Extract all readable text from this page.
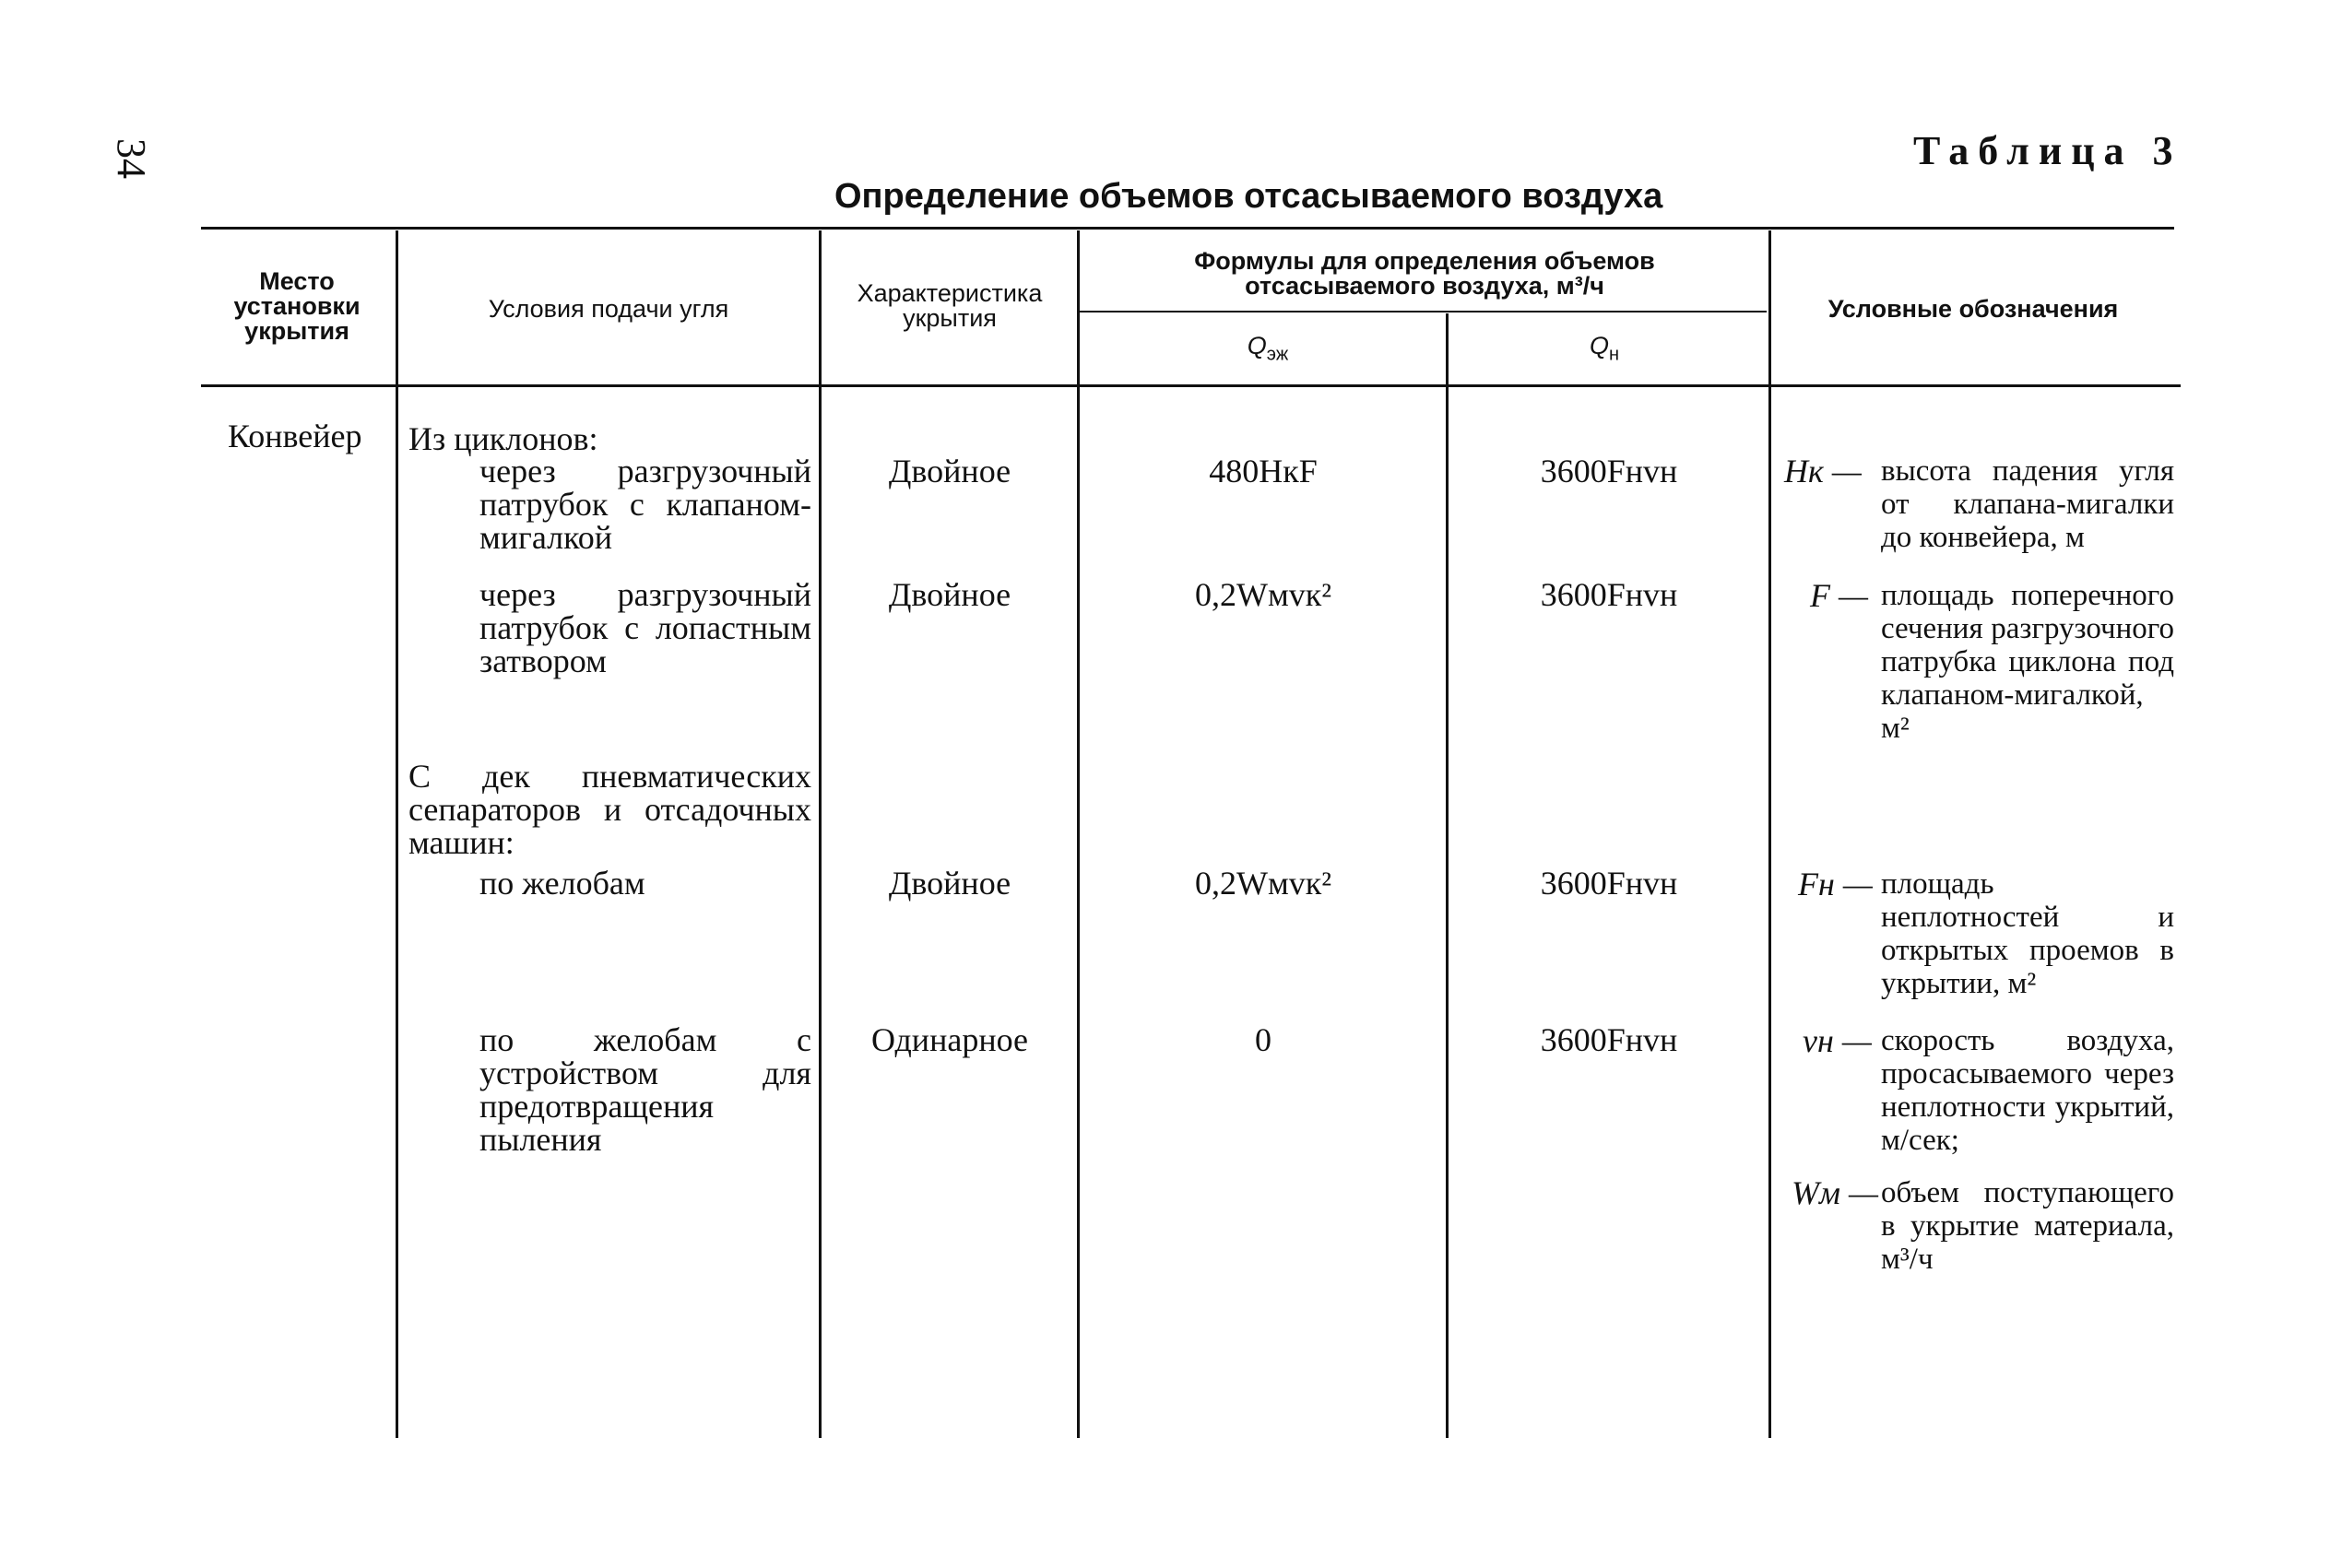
34	Таблица 3
Определение объемов отсасываемого воздуха
Место установки укрытия
Условия подачи угля
Характеристика укрытия
Формулы для определения объемов отсасываемого воздуха, м³/ч
$Q_{эж}$	$Q_н$
Условные обозначения
Конвейер Из циклонов:
через разгрузочный патрубок с клапаном-мигалкой
через разгрузочный патрубок с лопастным затвором
С дек пневматических сепараторов и отсадочных машин:
по желобам
по желобам с устройством для предотвращения пыления
Двойное
Двойное
Двойное
Одинарное
480HкF
0,2Wмvк²
0,2Wмvк²
0
3600Fнvн
3600Fнvн
3600Fнvн
3600Fнvн
Hк — высота падения угля от клапана-мигалки до конвейера, м
F — площадь поперечного сечения разгрузочного патрубка циклона под клапаном-мигалкой, м²
Fн — площадь неплотностей и открытых проемов в укрытии, м²
vн — скорость воздуха, просасываемого через неплотности укрытий, м/сек;
Wм — объем поступающего в укрытие материала, м³/ч
